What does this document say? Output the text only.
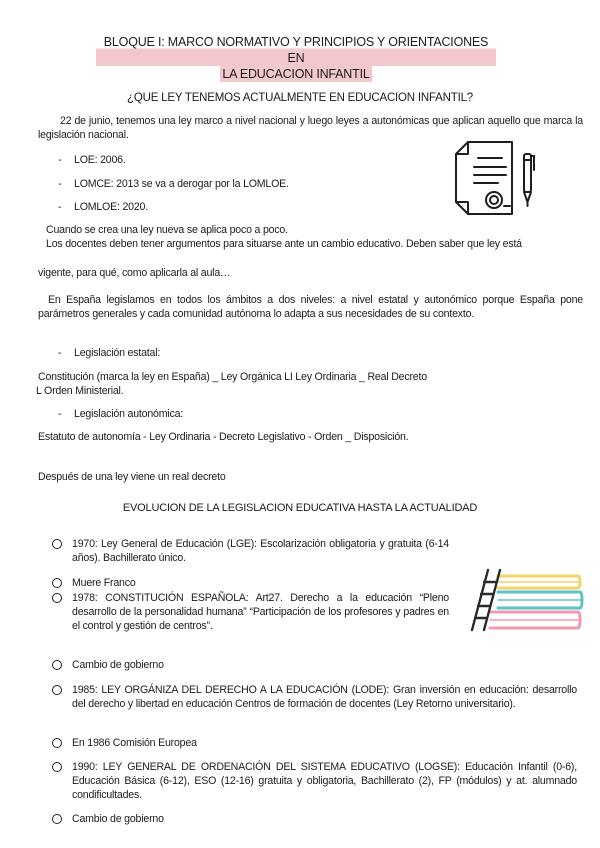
BLOQUE I: MARCO NORMATIVO Y PRINCIPIOS Y ORIENTACIONES EN
LA EDUCACION INFANTIL
¿QUE LEY TENEMOS ACTUALMENTE EN EDUCACION INFANTIL?
22 de junio, tenemos una ley marco a nivel nacional y luego leyes a autonómicas que aplican aquello que marca la legislación nacional.
- LOE: 2006.
- LOMCE: 2013 se va a derogar por la LOMLOE.
- LOMLOE: 2020.
Cuando se crea una ley nueva se aplica poco a poco.
Los docentes deben tener argumentos para situarse ante un cambio educativo. Deben saber que ley está
vigente, para qué, como aplicarla al aula…
En España legislamos en todos los ámbitos a dos niveles: a nivel estatal y autonómico porque España pone parámetros generales y cada comunidad autónoma lo adapta a sus necesidades de su contexto.
- Legislación estatal:
Constitución (marca la ley en España) _ Ley Orgánica LI Ley Ordinaria _ Real Decreto
L Orden Ministerial.
- Legislación autonómica:
Estatuto de autonomía - Ley Ordinaria - Decreto Legislativo - Orden _ Disposición.
Después de una ley viene un real decreto
EVOLUCION DE LA LEGISLACION EDUCATIVA HASTA LA ACTUALIDAD
1970: Ley General de Educación (LGE): Escolarización obligatoria y gratuita (6-14 años). Bachillerato único.
Muere Franco
1978: CONSTITUCIÓN ESPAÑOLA: Art27. Derecho a la educación “Pleno desarrollo de la personalidad humana” “Participación de los profesores y padres en el control y gestión de centros”.
Cambio de gobierno
1985: LEY ORGÁNIZA DEL DERECHO A LA EDUCACIÓN (LODE): Gran inversión en educación: desarrollo del derecho y libertad en educación Centros de formación de docentes (Ley Retorno universitario).
En 1986 Comisión Europea
1990: LEY GENERAL DE ORDENACIÓN DEL SISTEMA EDUCATIVO (LOGSE): Educación Infantil (0-6), Educación Básica (6-12), ESO (12-16) gratuita y obligatoria, Bachillerato (2), FP (módulos) y at. alumnado condificultades.
Cambio de gobierno
